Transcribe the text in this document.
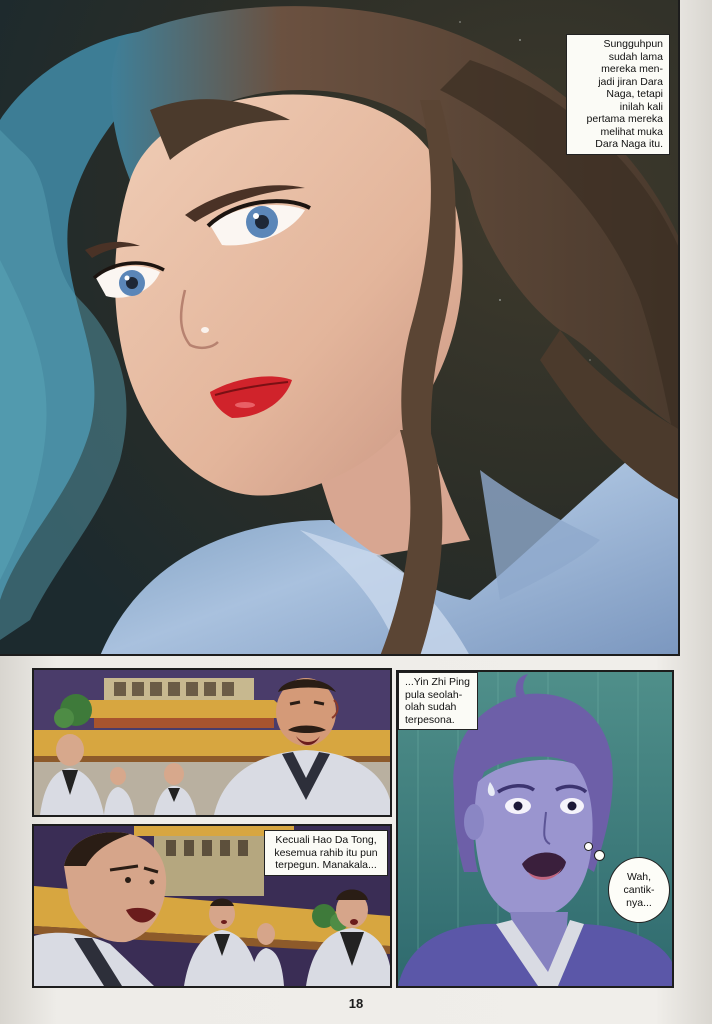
Sungguhpun
sudah lama
mereka men-
jadi jiran Dara
Naga, tetapi
inilah kali
pertama mereka
melihat muka
Dara Naga itu.
Kecuali Hao Da Tong,
kesemua rahib itu pun
terpegun. Manakala...
...Yin Zhi Ping
pula seolah-
olah sudah
terpesona.
Wah,
cantik-
nya...
18
